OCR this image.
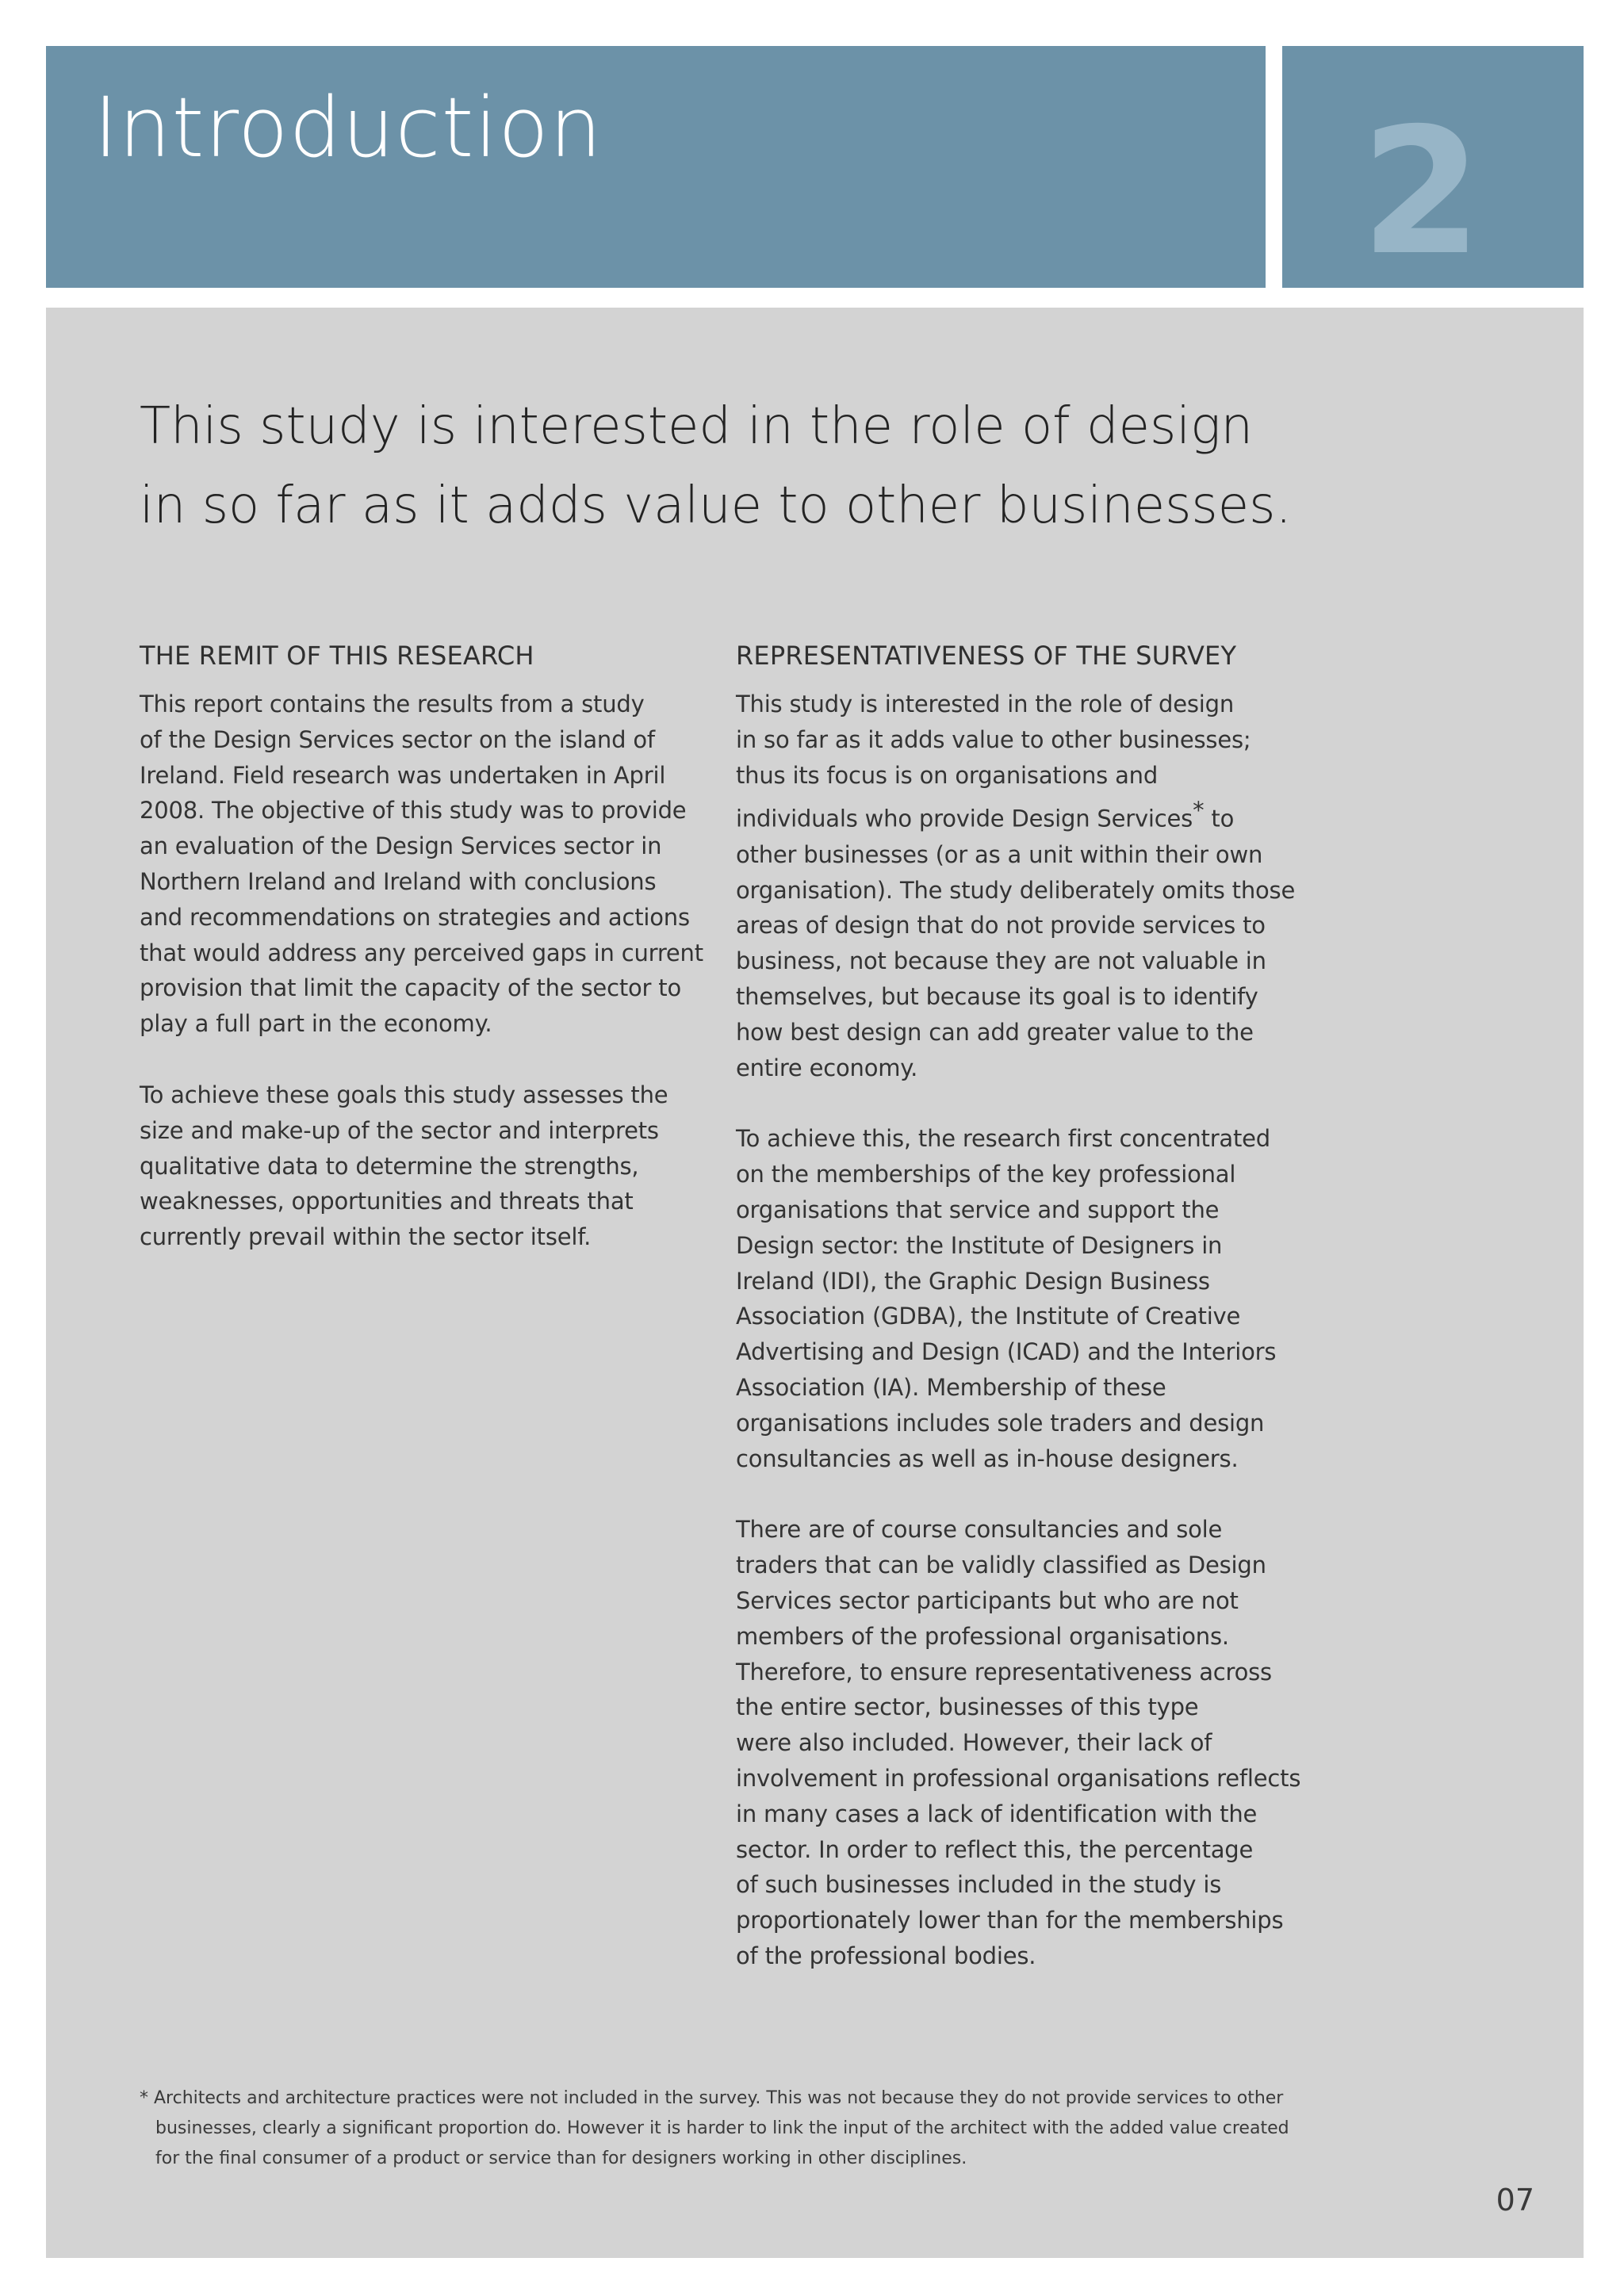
Introduction	2
This study is interested in the role of design
in so far as it adds value to other businesses.
THE REMIT OF THIS RESEARCH
This report contains the results from a study
of the Design Services sector on the island of
Ireland. Field research was undertaken in April
2008. The objective of this study was to provide
an evaluation of the Design Services sector in
Northern Ireland and Ireland with conclusions
and recommendations on strategies and actions
that would address any perceived gaps in current
provision that limit the capacity of the sector to
play a full part in the economy.
To achieve these goals this study assesses the
size and make-up of the sector and interprets
qualitative data to determine the strengths,
weaknesses, opportunities and threats that
currently prevail within the sector itself.
REPRESENTATIVENESS OF THE SURVEY
This study is interested in the role of design
in so far as it adds value to other businesses;
thus its focus is on organisations and
individuals who provide Design Services* to
other businesses (or as a unit within their own
organisation). The study deliberately omits those
areas of design that do not provide services to
business, not because they are not valuable in
themselves, but because its goal is to identify
how best design can add greater value to the
entire economy.
To achieve this, the research first concentrated
on the memberships of the key professional
organisations that service and support the
Design sector: the Institute of Designers in
Ireland (IDI), the Graphic Design Business
Association (GDBA), the Institute of Creative
Advertising and Design (ICAD) and the Interiors
Association (IA). Membership of these
organisations includes sole traders and design
consultancies as well as in-house designers.
There are of course consultancies and sole
traders that can be validly classified as Design
Services sector participants but who are not
members of the professional organisations.
Therefore, to ensure representativeness across
the entire sector, businesses of this type
were also included. However, their lack of
involvement in professional organisations reflects
in many cases a lack of identification with the
sector. In order to reflect this, the percentage
of such businesses included in the study is
proportionately lower than for the memberships
of the professional bodies.
* Architects and architecture practices were not included in the survey. This was not because they do not provide services to other
businesses, clearly a significant proportion do. However it is harder to link the input of the architect with the added value created
for the final consumer of a product or service than for designers working in other disciplines.
07
